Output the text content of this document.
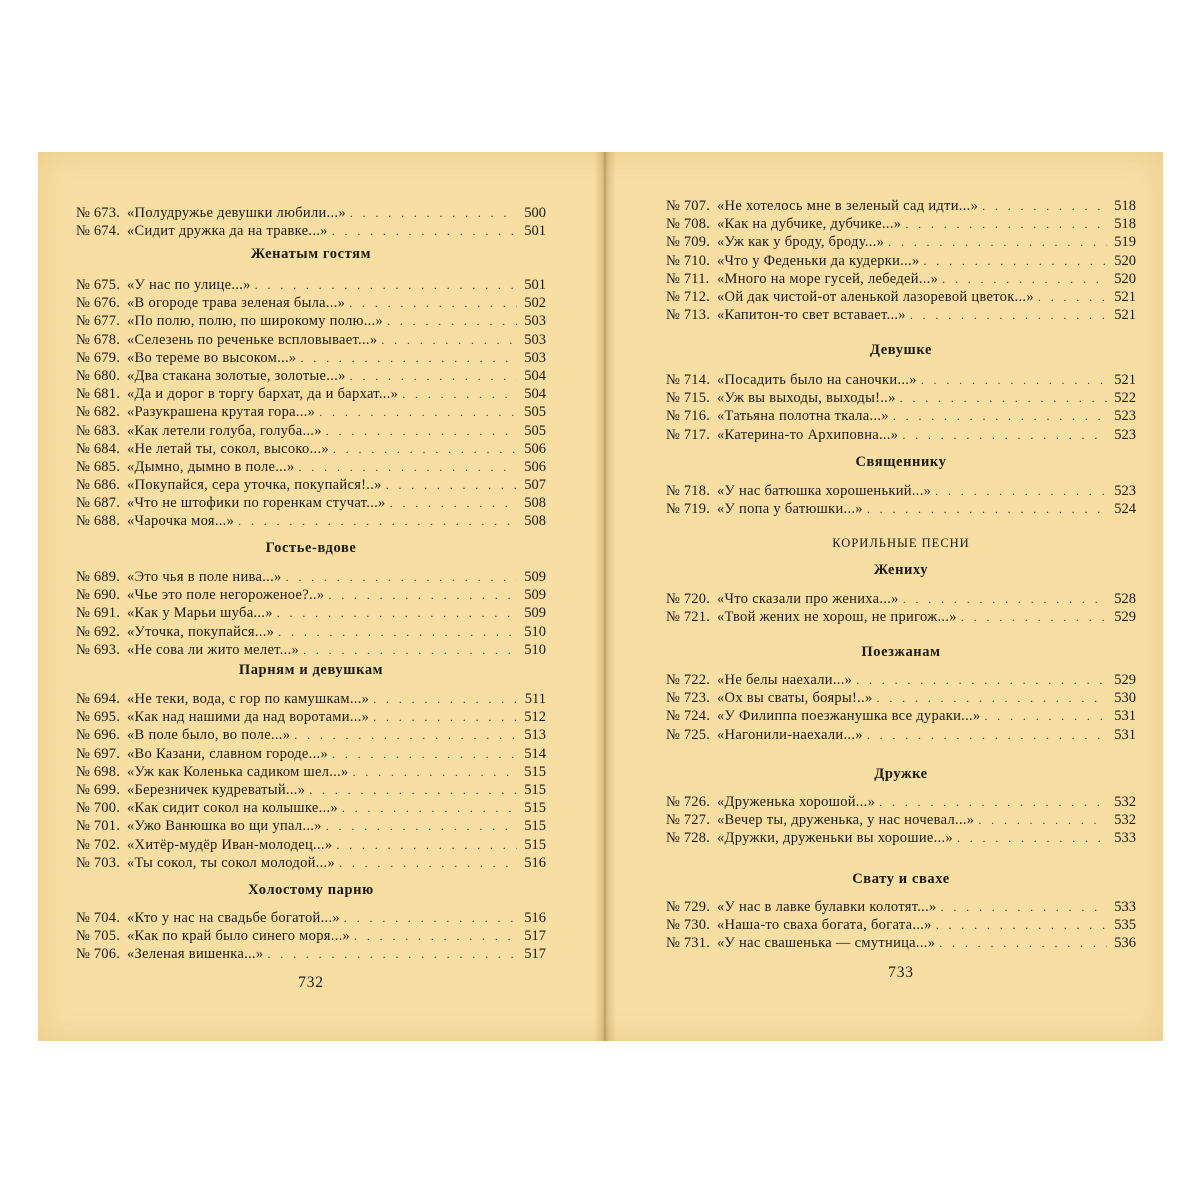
№ 673. «Полудружье девушки любили...» . . .	500
№ 674. «Сидит дружка да на травке...» . . .	501
Женатым гостям
№ 675. «У нас по улице...» . . .	501
№ 676. «В огороде трава зеленая была...» . . .	502
№ 677. «По полю, полю, по широкому полю...» . . .	503
№ 678. «Селезень по реченьке вспловывает...» . . .	503
№ 679. «Во тереме во высоком...» . . .	503
№ 680. «Два стакана золотые, золотые...» . . .	504
№ 681. «Да и дорог в торгу бархат, да и бархат...» . . .	504
№ 682. «Разукрашена крутая гора...» . . .	505
№ 683. «Как летели голуба, голуба...» . . .	505
№ 684. «Не летай ты, сокол, высоко...» . . .	506
№ 685. «Дымно, дымно в поле...» . . .	506
№ 686. «Покупайся, сера уточка, покупайся!..» . . .	507
№ 687. «Что не штофики по горенкам стучат...» . . .	508
№ 688. «Чарочка моя...» . . .	508
Гостье-вдове
№ 689. «Это чья в поле нива...» . . .	509
№ 690. «Чье это поле негороженое?..» . . .	509
№ 691. «Как у Марьи шуба...» . . .	509
№ 692. «Уточка, покупайся...» . . .	510
№ 693. «Не сова ли жито мелет...» . . .	510
Парням и девушкам
№ 694. «Не теки, вода, с гор по камушкам...» . . .	511
№ 695. «Как над нашими да над воротами...» . . .	512
№ 696. «В поле было, во поле...» . . .	513
№ 697. «Во Казани, славном городе...» . . .	514
№ 698. «Уж как Коленька садиком шел...» . . .	515
№ 699. «Березничек кудреватый...» . . .	515
№ 700. «Как сидит сокол на колышке...» . . .	515
№ 701. «Ужо Ванюшка во щи упал...» . . .	515
№ 702. «Хитёр-мудёр Иван-молодец...» . . .	515
№ 703. «Ты сокол, ты сокол молодой...» . . .	516
Холостому парню
№ 704. «Кто у нас на свадьбе богатой...» . . .	516
№ 705. «Как по край было синего моря...» . . .	517
№ 706. «Зеленая вишенка...» . . .	517
732
№ 707. «Не хотелось мне в зеленый сад идти...» . . .	518
№ 708. «Как на дубчике, дубчике...» . . .	518
№ 709. «Уж как у броду, броду...» . . .	519
№ 710. «Что у Феденьки да кудерки...» . . .	520
№ 711. «Много на море гусей, лебедей...» . . .	520
№ 712. «Ой дак чистой-от аленькой лазоревой цветок...» . . .	521
№ 713. «Капитон-то свет вставает...» . . .	521
Девушке
№ 714. «Посадить было на саночки...» . . .	521
№ 715. «Уж вы выходы, выходы!..» . . .	522
№ 716. «Татьяна полотна ткала...» . . .	523
№ 717. «Катерина-то Архиповна...» . . .	523
Священнику
№ 718. «У нас батюшка хорошенький...» . . .	523
№ 719. «У попа у батюшки...» . . .	524
КОРИЛЬНЫЕ ПЕСНИ
Жениху
№ 720. «Что сказали про жениха...» . . .	528
№ 721. «Твой жених не хорош, не пригож...» . . .	529
Поезжанам
№ 722. «Не белы наехали...» . . .	529
№ 723. «Ох вы сваты, бояры!..» . . .	530
№ 724. «У Филиппа поезжанушка все дураки...» . . .	531
№ 725. «Нагонили-наехали...» . . .	531
Дружке
№ 726. «Друженька хорошой...» . . .	532
№ 727. «Вечер ты, друженька, у нас ночевал...» . . .	532
№ 728. «Дружки, друженьки вы хорошие...» . . .	533
Свату и свахе
№ 729. «У нас в лавке булавки колотят...» . . .	533
№ 730. «Наша-то сваха богата, богата...» . . .	535
№ 731. «У нас свашенька — смутница...» . . .	536
733
